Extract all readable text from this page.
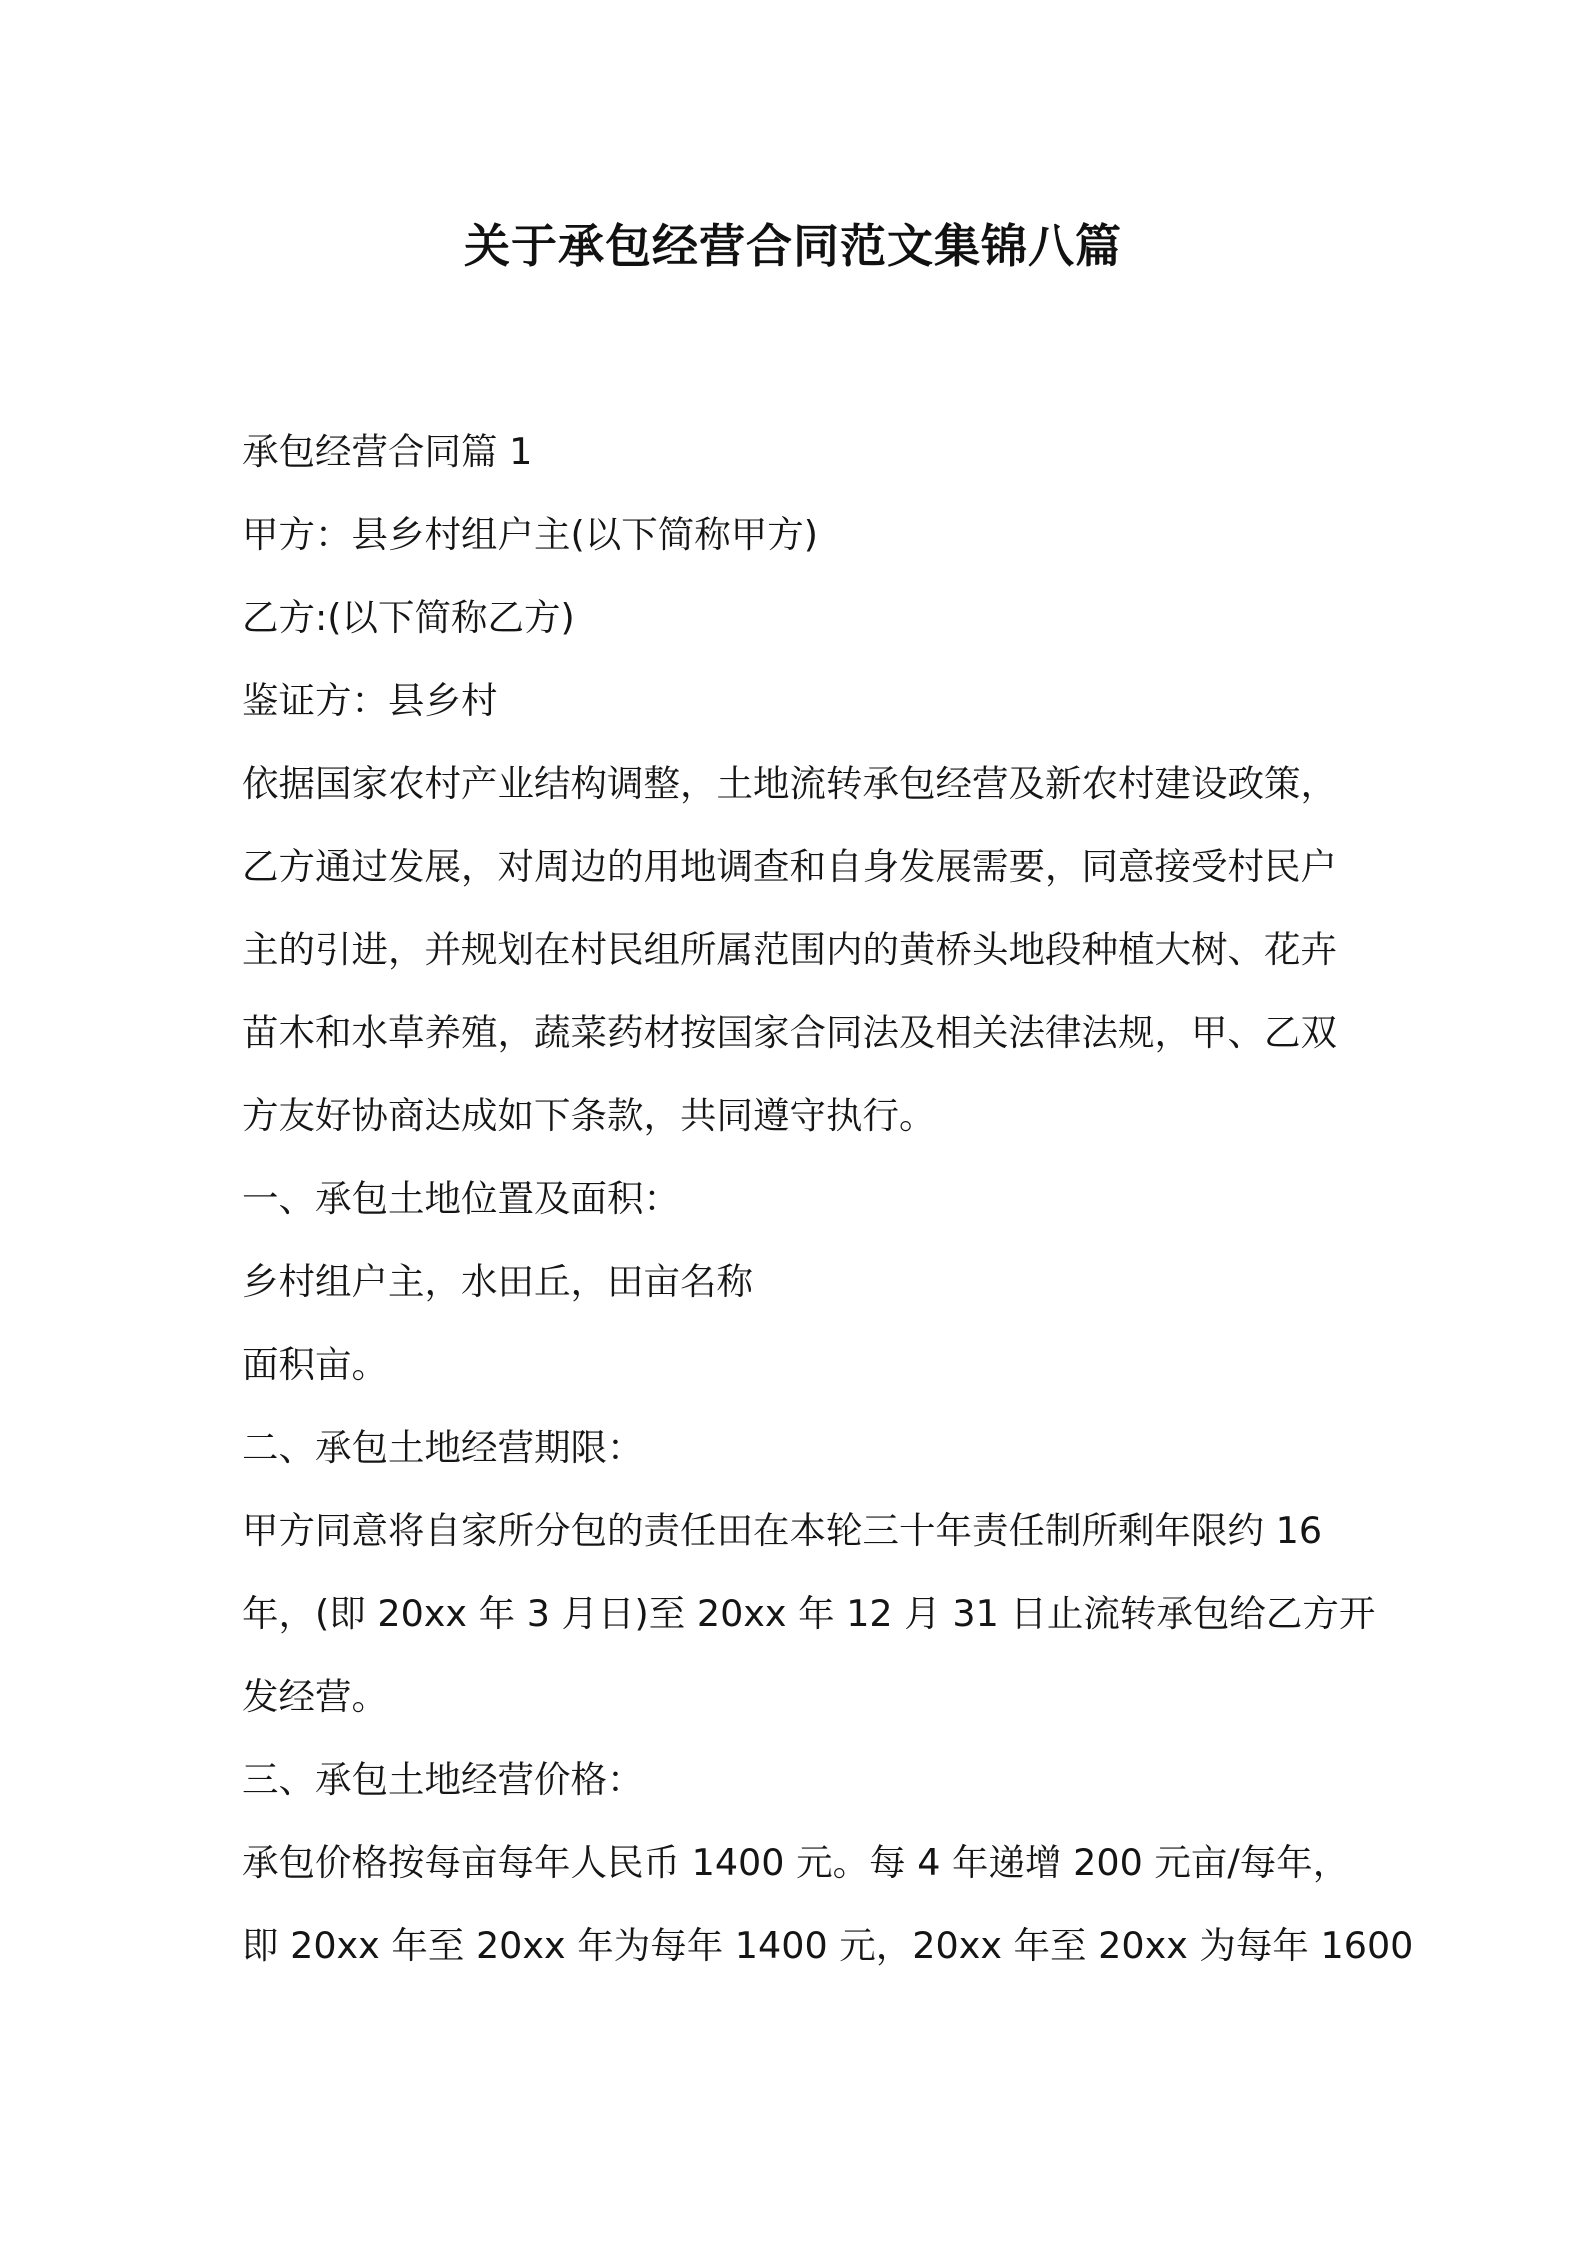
关于承包经营合同范文集锦八篇
承包经营合同篇 1
甲方：县乡村组户主(以下简称甲方)
乙方:(以下简称乙方)
鉴证方：县乡村
依据国家农村产业结构调整，土地流转承包经营及新农村建设政策，
乙方通过发展，对周边的用地调查和自身发展需要，同意接受村民户
主的引进，并规划在村民组所属范围内的黄桥头地段种植大树、花卉
苗木和水草养殖，蔬菜药材按国家合同法及相关法律法规，甲、乙双
方友好协商达成如下条款，共同遵守执行。
一、承包土地位置及面积：
乡村组户主，水田丘，田亩名称
面积亩。
二、承包土地经营期限：
甲方同意将自家所分包的责任田在本轮三十年责任制所剩年限约 16
年，(即 20xx 年 3 月日)至 20xx 年 12 月 31 日止流转承包给乙方开
发经营。
三、承包土地经营价格：
承包价格按每亩每年人民币 1400 元。每 4 年递增 200 元亩/每年，
即 20xx 年至 20xx 年为每年 1400 元，20xx 年至 20xx 为每年 1600
